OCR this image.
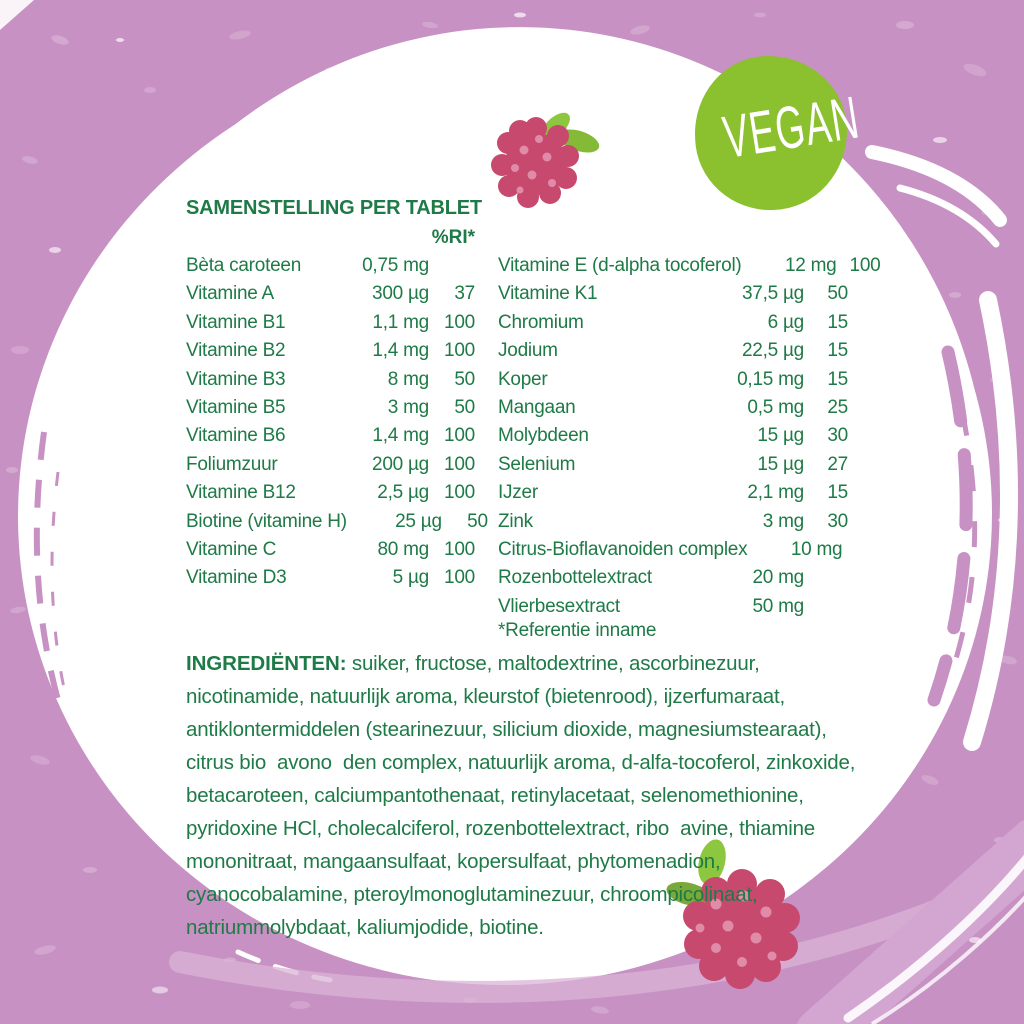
VEGAN
SAMENSTELLING PER TABLET
%RI*
Bèta caroteen	0,75 mg
Vitamine A	300 µg	37
Vitamine B1	1,1 mg 100
Vitamine B2	1,4 mg 100
Vitamine B3	8 mg	50
Vitamine B5	3 mg	50
Vitamine B6	1,4 mg 100
Foliumzuur	200 µg 100
Vitamine B12	2,5 µg 100
Biotine (vitamine H)	25 µg	50
Vitamine C	80 mg 100
Vitamine D3	5 µg 100
Vitamine E (d-alpha tocoferol)	12 mg 100
Vitamine K1	37,5 µg	50
Chromium	6 µg	15
Jodium	22,5 µg	15
Koper	0,15 mg	15
Mangaan	0,5 mg	25
Molybdeen	15 µg	30
Selenium	15 µg	27
IJzer	2,1 mg	15
Zink	3 mg	30
Citrus-Bioflavanoiden complex	10 mg
Rozenbottelextract	20 mg
Vlierbesextract	50 mg
*Referentie inname
INGREDIËNTEN: suiker, fructose, maltodextrine, ascorbinezuur, nicotinamide, natuurlijk aroma, kleurstof (bietenrood), ijzerfumaraat, antiklontermiddelen (stearinezuur, silicium dioxide, magnesiumstearaat), citrus bio  avono  den complex, natuurlijk aroma, d-alfa-tocoferol, zinkoxide, betacaroteen, calciumpantothenaat, retinylacetaat, selenomethionine, pyridoxine HCl, cholecalciferol, rozenbottelextract, ribo  avine, thiamine mononitraat, mangaansulfaat, kopersulfaat, phytomenadion, cyanocobalamine, pteroylmonoglutaminezuur, chroompicolinaat, natriummolybdaat, kaliumjodide, biotine.
